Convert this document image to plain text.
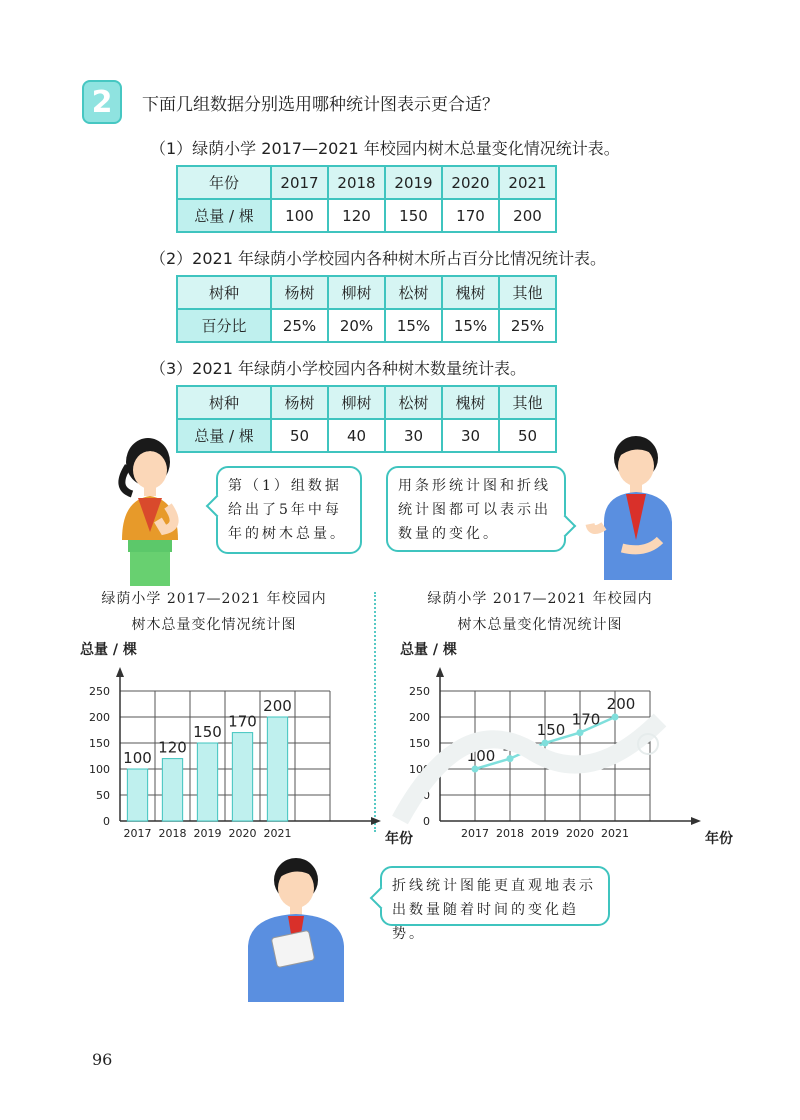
2 下面几组数据分别选用哪种统计图表示更合适？
（1）绿荫小学 2017—2021 年校园内树木总量变化情况统计表。
年份	2017	2018	2019	2020	2021
总量 / 棵	100	120	150	170	200
（2）2021 年绿荫小学校园内各种树木所占百分比情况统计表。
树种	杨树	柳树	松树	槐树	其他
百分比	25%	20%	15%	15%	25%
（3）2021 年绿荫小学校园内各种树木数量统计表。
树种	杨树	柳树	松树	槐树	其他
总量 / 棵	50	40	30	30	50
第（1）组数据给出了5年中每年的树木总量。
用条形统计图和折线统计图都可以表示出数量的变化。
绿荫小学 2017—2021 年校园内
树木总量变化情况统计图
绿荫小学 2017—2021 年校园内
树木总量变化情况统计图
总量 / 棵
0
50
100
150
200
250
年份
2017
100
2018
120
2019
150
2020
170
2021
200
总量 / 棵
0
50
100
150
200
250
年份
2017 2018 2019 2020 2021
100
120
150
170
200
折线统计图能更直观地表示出数量随着时间的变化趋势。
96
